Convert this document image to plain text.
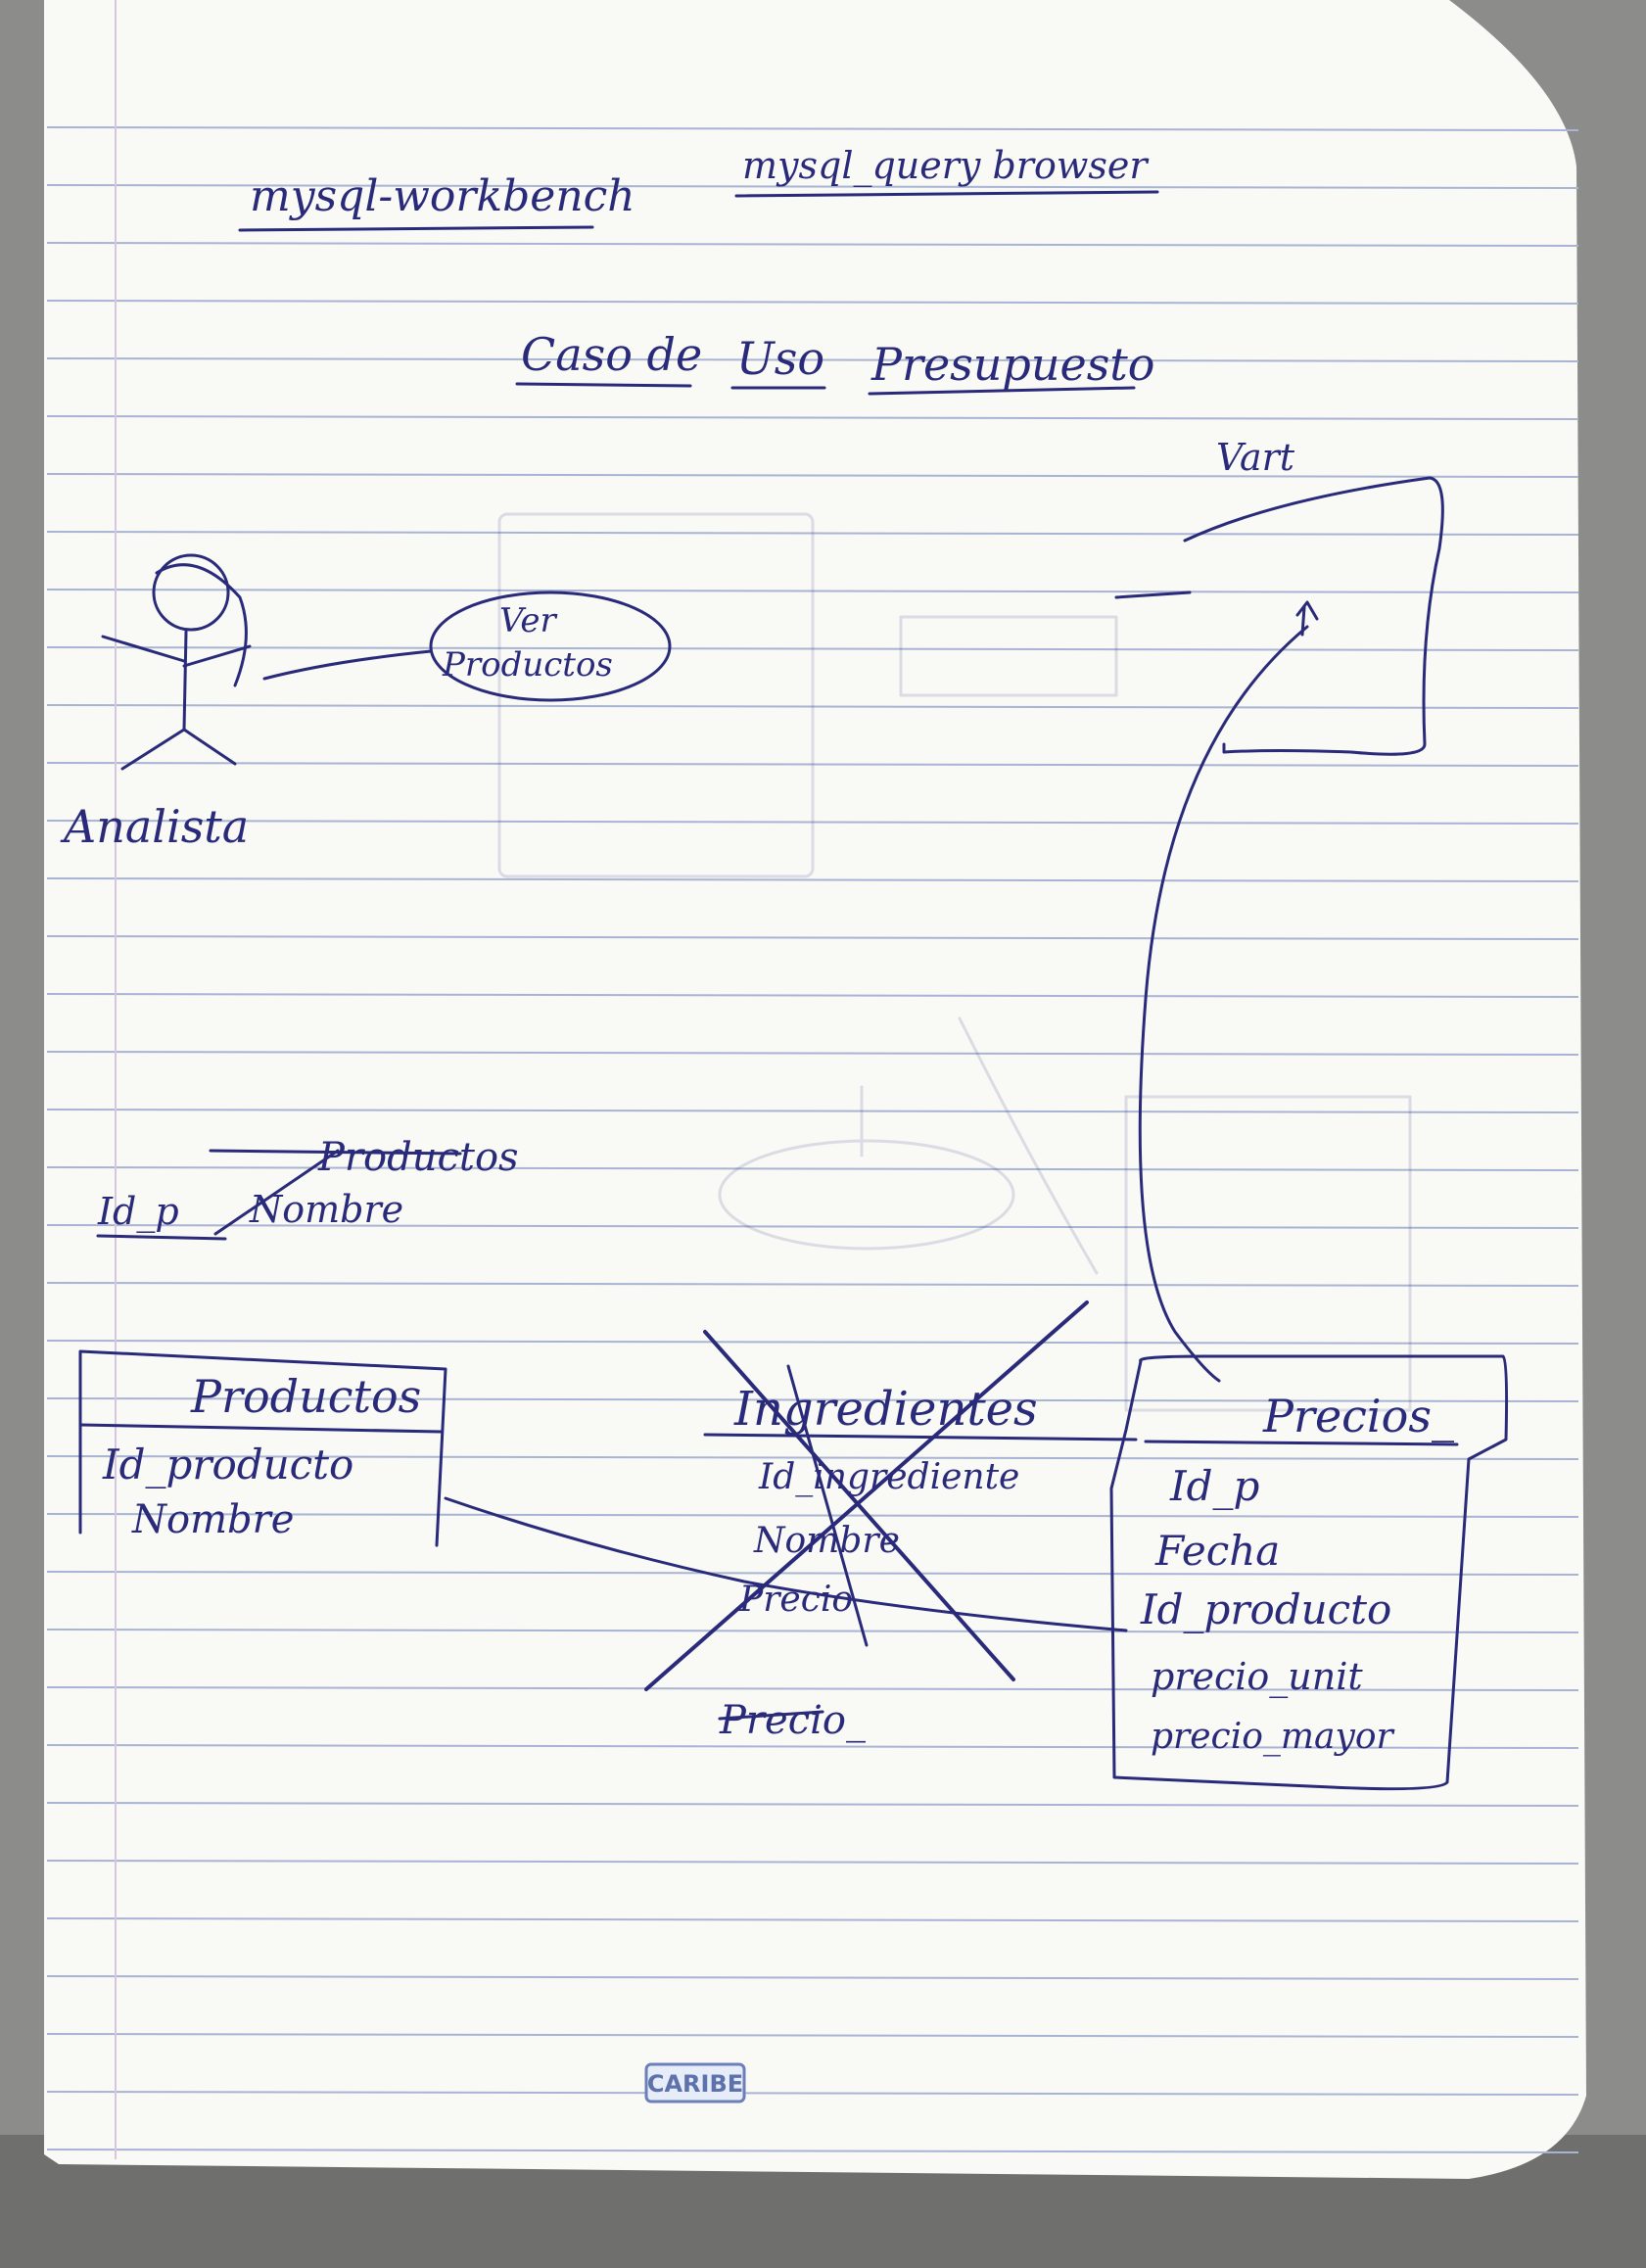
mysql-workbench
mysql_query browser
Caso de Uso Presupuesto
Analista
Ver
Productos
Vart
Productos
Id_p Nombre
Productos
Id_producto
Nombre
Ingredientes
Id_ingrediente
Nombre
Precio
Precio_
Precios_
Id_p
Fecha
Id_producto
precio_unit
precio_mayor
CARIBE
